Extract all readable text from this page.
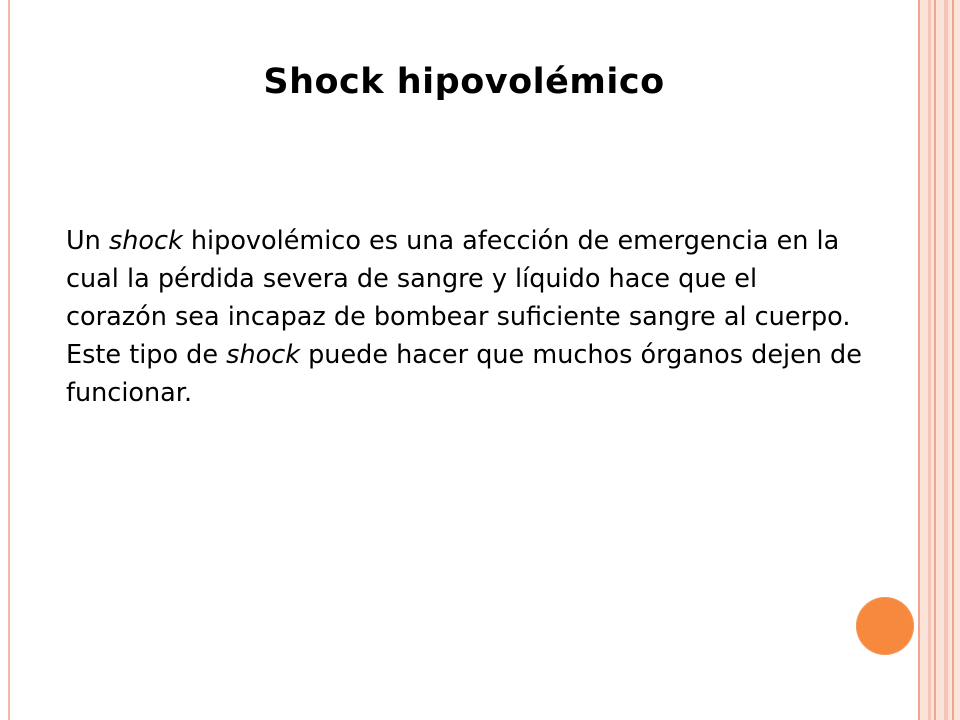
Shock hipovolémico

Un shock hipovolémico es una afección de emergencia en la cual la pérdida severa de sangre y líquido hace que el corazón sea incapaz de bombear suficiente sangre al cuerpo. Este tipo de shock puede hacer que muchos órganos dejen de funcionar.
